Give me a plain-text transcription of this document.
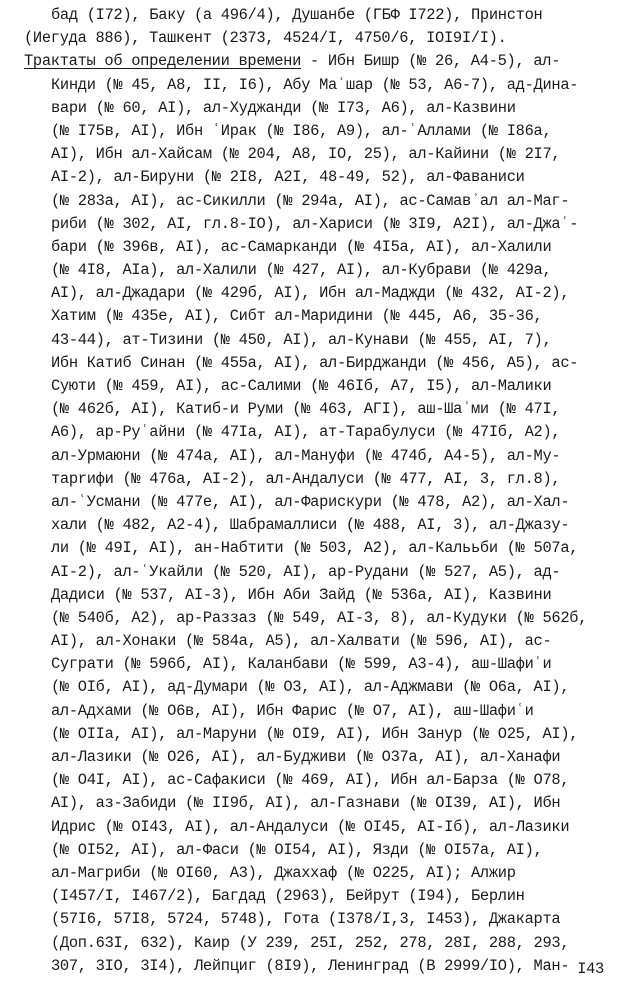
бад (I72), Баку (а 496/4), Душанбе (ГБФ I722), Принстон
(Иегуда 886), Ташкент (2373, 4524/I, 4750/6, IOI9I/I).
Трактаты об определении времени - Ибн Бишр (№ 26, А4-5), ал-
Кинди (№ 45, А8, II, I6), Абу Маʿшар (№ 53, А6-7), ад-Дина-
вари (№ 60, AI), ал-Худжанди (№ I73, А6), ал-Казвини
(№ I75в, AI), Ибн ʿИрак (№ I86, А9), ал-ʿАллами (№ I86а,
AI), Ибн ал-Хайсам (№ 204, А8, IO, 25), ал-Кайини (№ 2I7,
AI-2), ал-Бируни (№ 2I8, A2I, 48-49, 52), ал-Фаваниси
(№ 283а, AI), ас-Сикилли (№ 294а, AI), ас-Самавʾал ал-Маг-
риби (№ 302, AI, гл.8-IO), ал-Хариси (№ 3I9, A2I), ал-Джаʿ-
бари (№ 396в, AI), ас-Самарканди (№ 4I5а, AI), ал-Халили
(№ 4I8, AIа), ал-Халили (№ 427, AI), ал-Кубрави (№ 429а,
AI), ал-Джадари (№ 429б, AI), Ибн ал-Маджди (№ 432, AI-2),
Хатим (№ 435е, AI), Сибт ал-Маридини (№ 445, А6, 35-36,
43-44), ат-Тизини (№ 450, AI), ал-Кунави (№ 455, AI, 7),
Ибн Катиб Синан (№ 455а, AI), ал-Бирджанди (№ 456, А5), ас-
Суюти (№ 459, AI), ас-Салими (№ 46Iб, А7, I5), ал-Малики
(№ 462б, AI), Катиб-и Руми (№ 463, AГI), аш-Шаʾми (№ 47I,
А6), ар-Руʿайни (№ 47Iа, AI), ат-Тарабулуси (№ 47Iб, A2),
ал-Урмаюни (№ 474а, AI), ал-Мануфи (№ 474б, А4-5), ал-Му-
тарrифи (№ 476а, AI-2), ал-Андалуси (№ 477, AI, 3, гл.8),
ал-ʿУсмани (№ 477е, AI), ал-Фарискури (№ 478, A2), ал-Хал-
хали (№ 482, A2-4), Шабрамаллиси (№ 488, AI, 3), ал-Джазу-
ли (№ 49I, AI), ан-Набтити (№ 503, A2), ал-Калььби (№ 507а,
AI-2), ал-ʿУкайли (№ 520, AI), ар-Рудани (№ 527, А5), ад-
Дадиси (№ 537, AI-3), Ибн Аби Зайд (№ 536а, AI), Казвини
(№ 540б, A2), ар-Раззаз (№ 549, AI-3, 8), ал-Кудуки (№ 562б,
AI), ал-Хонаки (№ 584а, А5), ал-Халвати (№ 596, AI), ас-
Суграти (№ 596б, AI), Каланбави (№ 599, А3-4), аш-Шафиʿи
(№ OIб, AI), ад-Думари (№ O3, AI), ал-Аджмави (№ O6а, AI),
ал-Адхами (№ O6в, AI), Ибн Фарис (№ O7, AI), аш-Шафиʿи
(№ OIIа, AI), ал-Маруни (№ OI9, AI), Ибн Занур (№ O25, AI),
ал-Лазики (№ O26, AI), ал-Будживи (№ O37а, AI), ал-Ханафи
(№ O4I, AI), ас-Сафакиси (№ 469, AI), Ибн ал-Барза (№ O78,
AI), аз-Забиди (№ II9б, AI), ал-Газнави (№ OI39, AI), Ибн
Идрис (№ OI43, AI), ал-Андалуси (№ OI45, AI-Iб), ал-Лазики
(№ OI52, AI), ал-Фаси (№ OI54, AI), Язди (№ OI57а, AI),
ал-Магриби (№ OI60, A3), Джаххаф (№ O225, AI); Алжир
(I457/I, I467/2), Багдад (2963), Бейрут (I94), Берлин
(57I6, 57I8, 5724, 5748), Гота (I378/I,3, I453), Джакарта
(Доп.63I, 632), Каир (У 239, 25I, 252, 278, 28I, 288, 293,
307, 3IO, 3I4), Лейпциг (8I9), Ленинград (В 2999/IO), Ман- I43
